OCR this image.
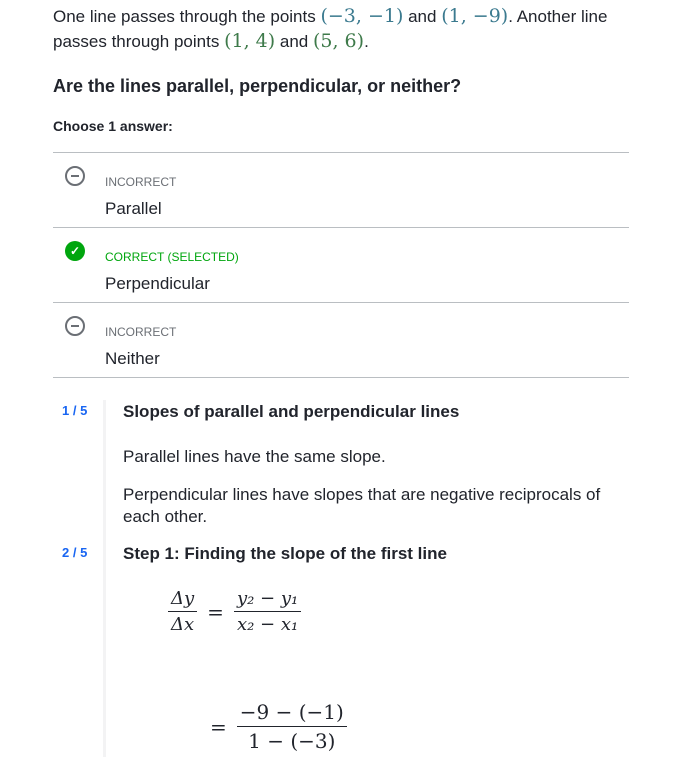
One line passes through the points (−3, −1) and (1, −9). Another line passes through points (1, 4) and (5, 6).
Are the lines parallel, perpendicular, or neither?
Choose 1 answer:
INCORRECT
Parallel
✓	CORRECT (SELECTED)
Perpendicular
INCORRECT
Neither
1 / 5 Slopes of parallel and perpendicular lines
Parallel lines have the same slope.
Perpendicular lines have slopes that are negative reciprocals of each other.
2 / 5 Step 1: Finding the slope of the first line
$\frac{\Delta y}{\Delta x} = \frac{\text{y₂ − y₁}}{\text{x₂ − x₁}}$
= $\frac{-9 - (-1)}{1 - (-3)}$
